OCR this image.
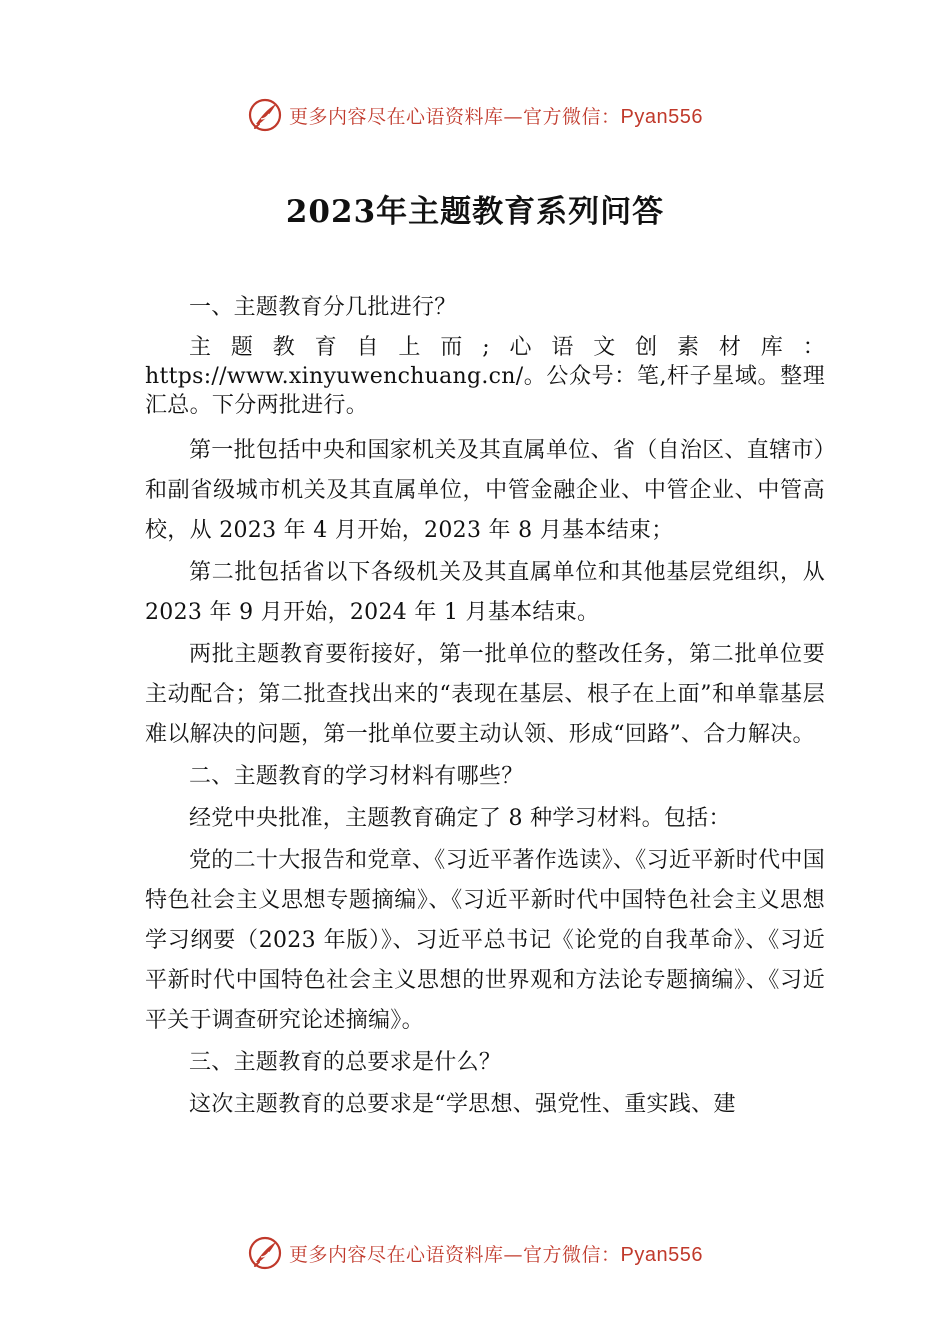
更多内容尽在心语资料库—官方微信：Pyan556
2023年主题教育系列问答

一、主题教育分几批进行？

主题教育自上而;心语文创素材库：https://www.xinyuwenchuang.cn/。公众号：笔,杆子星域。整理汇总。下分两批进行。

第一批包括中央和国家机关及其直属单位、省（自治区、直辖市）和副省级城市机关及其直属单位，中管金融企业、中管企业、中管高校，从 2023 年 4 月开始，2023 年 8 月基本结束；

第二批包括省以下各级机关及其直属单位和其他基层党组织，从 2023 年 9 月开始，2024 年 1 月基本结束。

两批主题教育要衔接好，第一批单位的整改任务，第二批单位要主动配合；第二批查找出来的“表现在基层、根子在上面”和单靠基层难以解决的问题，第一批单位要主动认领、形成“回路”、合力解决。

二、主题教育的学习材料有哪些？

经党中央批准，主题教育确定了 8 种学习材料。包括：

党的二十大报告和党章、《习近平著作选读》、《习近平新时代中国特色社会主义思想专题摘编》、《习近平新时代中国特色社会主义思想学习纲要（2023 年版）》、习近平总书记《论党的自我革命》、《习近平新时代中国特色社会主义思想的世界观和方法论专题摘编》、《习近平关于调查研究论述摘编》。

三、主题教育的总要求是什么？

这次主题教育的总要求是“学思想、强党性、重实践、建

更多内容尽在心语资料库—官方微信：Pyan556
